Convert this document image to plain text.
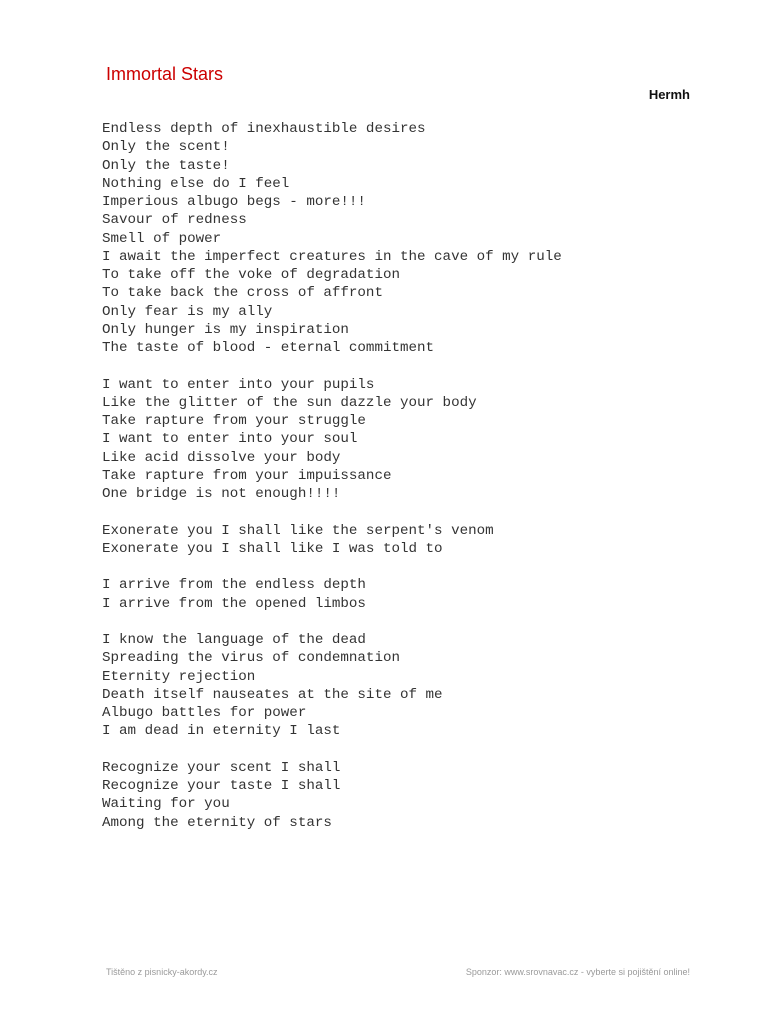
Immortal Stars
Hermh
Endless depth of inexhaustible desires
Only the scent!
Only the taste!
Nothing else do I feel
Imperious albugo begs - more!!!
Savour of redness
Smell of power
I await the imperfect creatures in the cave of my rule
To take off the voke of degradation
To take back the cross of affront
Only fear is my ally
Only hunger is my inspiration
The taste of blood - eternal commitment
I want to enter into your pupils
Like the glitter of the sun dazzle your body
Take rapture from your struggle
I want to enter into your soul
Like acid dissolve your body
Take rapture from your impuissance
One bridge is not enough!!!!
Exonerate you I shall like the serpent's venom
Exonerate you I shall like I was told to
I arrive from the endless depth
I arrive from the opened limbos
I know the language of the dead
Spreading the virus of condemnation
Eternity rejection
Death itself nauseates at the site of me
Albugo battles for power
I am dead in eternity I last
Recognize your scent I shall
Recognize your taste I shall
Waiting for you
Among the eternity of stars
Tištěno z pisnicky-akordy.cz	Sponzor: www.srovnavac.cz - vyberte si pojištění online!
